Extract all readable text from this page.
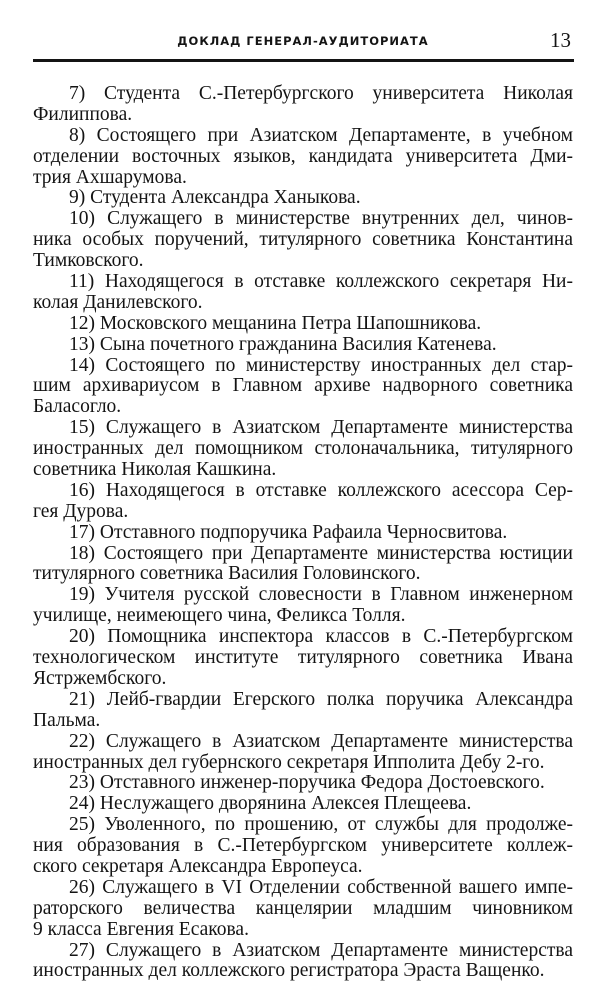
ДОКЛАД ГЕНЕРАЛ-АУДИТОРИАТА	13
7) Студента С.-Петербургского университета Николая
Филиппова.
8) Состоящего при Азиатском Департаменте, в учебном
отделении восточных языков, кандидата университета Дми-
трия Ахшарумова.
9) Студента Александра Ханыкова.
10) Служащего в министерстве внутренних дел, чинов-
ника особых поручений, титулярного советника Константина
Тимковского.
11) Находящегося в отставке коллежского секретаря Ни-
колая Данилевского.
12) Московского мещанина Петра Шапошникова.
13) Сына почетного гражданина Василия Катенева.
14) Состоящего по министерству иностранных дел стар-
шим архивариусом в Главном архиве надворного советника
Баласогло.
15) Служащего в Азиатском Департаменте министерства
иностранных дел помощником столоначальника, титулярного
советника Николая Кашкина.
16) Находящегося в отставке коллежского асессора Сер-
гея Дурова.
17) Отставного подпоручика Рафаила Черносвитова.
18) Состоящего при Департаменте министерства юстиции
титулярного советника Василия Головинского.
19) Учителя русской словесности в Главном инженерном
училище, неимеющего чина, Феликса Толля.
20) Помощника инспектора класcов в С.-Петербургском
технологическом институте титулярного советника Ивана
Ястржембского.
21) Лейб-гвардии Егерского полка поручика Александра
Пальма.
22) Служащего в Азиатском Департаменте министерства
иностранных дел губернского секретаря Ипполита Дебу 2-го.
23) Отставного инженер-поручика Федора Достоевского.
24) Неслужащего дворянина Алексея Плещеева.
25) Уволенного, по прошению, от службы для продолже-
ния образования в С.-Петербургском университете коллеж-
ского секретаря Александра Европеуса.
26) Служащего в VI Отделении собственной вашего импе-
раторского величества канцелярии младшим чиновником
9 класса Евгения Есакова.
27) Служащего в Азиатском Департаменте министерства
иностранных дел коллежского регистратора Эраста Ващенко.
